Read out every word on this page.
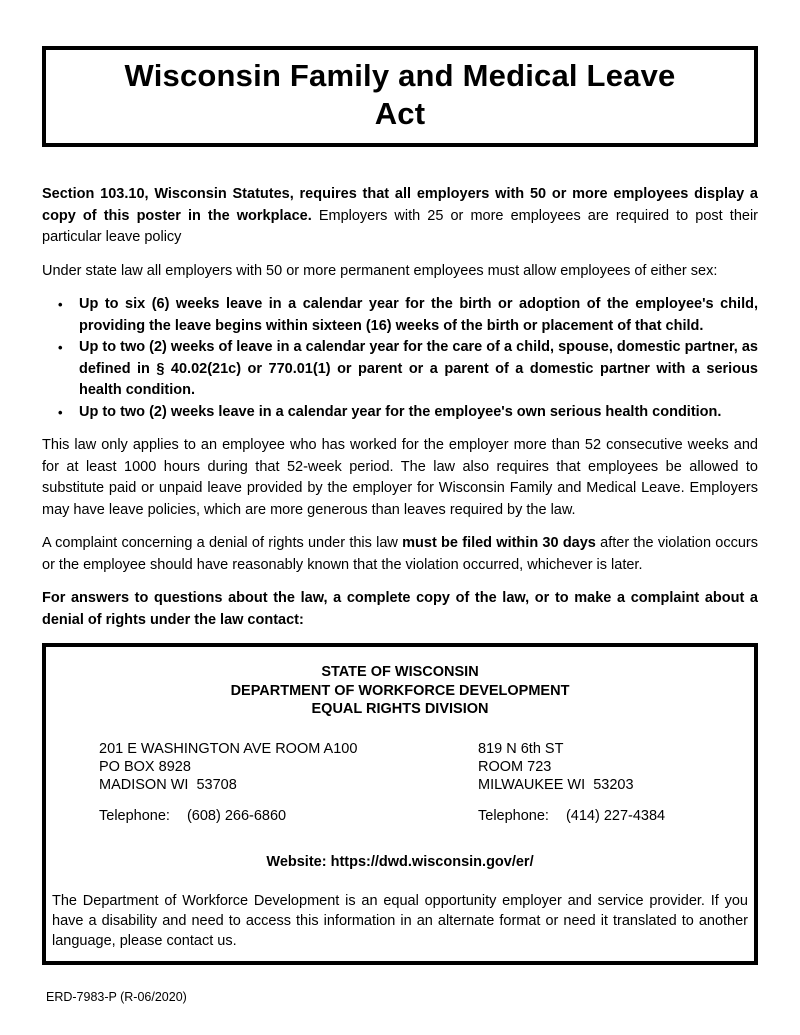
Wisconsin Family and Medical Leave
Act

Section 103.10, Wisconsin Statutes, requires that all employers with 50 or more employees display a copy of this poster in the workplace. Employers with 25 or more employees are required to post their particular leave policy

Under state law all employers with 50 or more permanent employees must allow employees of either sex:

•	Up to six (6) weeks leave in a calendar year for the birth or adoption of the employee's child, providing the leave begins within sixteen (16) weeks of the birth or placement of that child.
•	Up to two (2) weeks of leave in a calendar year for the care of a child, spouse, domestic partner, as defined in § 40.02(21c) or 770.01(1) or parent or a parent of a domestic partner with a serious health condition.
•	Up to two (2) weeks leave in a calendar year for the employee's own serious health condition.

This law only applies to an employee who has worked for the employer more than 52 consecutive weeks and for at least 1000 hours during that 52-week period. The law also requires that employees be allowed to substitute paid or unpaid leave provided by the employer for Wisconsin Family and Medical Leave. Employers may have leave policies, which are more generous than leaves required by the law.

A complaint concerning a denial of rights under this law must be filed within 30 days after the violation occurs or the employee should have reasonably known that the violation occurred, whichever is later.

For answers to questions about the law, a complete copy of the law, or to make a complaint about a denial of rights under the law contact:

STATE OF WISCONSIN
DEPARTMENT OF WORKFORCE DEVELOPMENT
EQUAL RIGHTS DIVISION
201 E WASHINGTON AVE ROOM A100
PO BOX 8928
MADISON WI  53708
Telephone: (608) 266-6860
819 N 6th ST
ROOM 723
MILWAUKEE WI  53203
Telephone: (414) 227-4384
Website: https://dwd.wisconsin.gov/er/

The Department of Workforce Development is an equal opportunity employer and service provider. If you have a disability and need to access this information in an alternate format or need it translated to another language, please contact us.

ERD-7983-P (R-06/2020)
